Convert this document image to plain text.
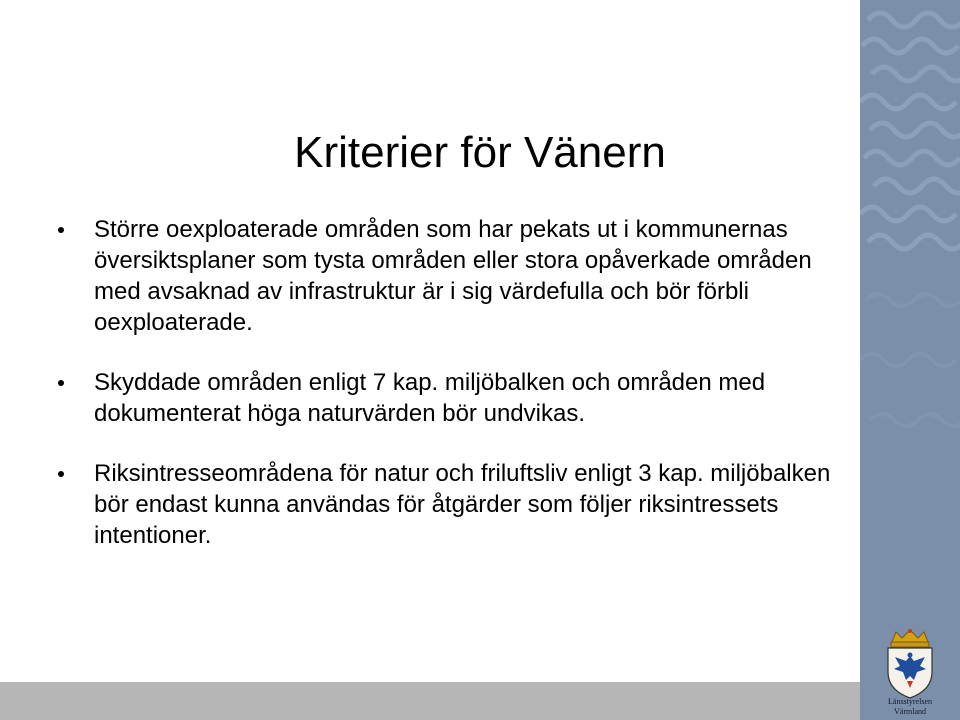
Kriterier för Vänern
Större oexploaterade områden som har pekats ut i kommunernas översiktsplaner som tysta områden eller stora opåverkade områden med avsaknad av infrastruktur är i sig värdefulla och bör förbli oexploaterade.
Skyddade områden enligt 7 kap. miljöbalken och områden med dokumenterat höga naturvärden bör undvikas.
Riksintresseområdena för natur och friluftsliv enligt 3 kap. miljöbalken bör endast kunna användas för åtgärder som följer riksintressets intentioner.
Länsstyrelsen
Värmland
